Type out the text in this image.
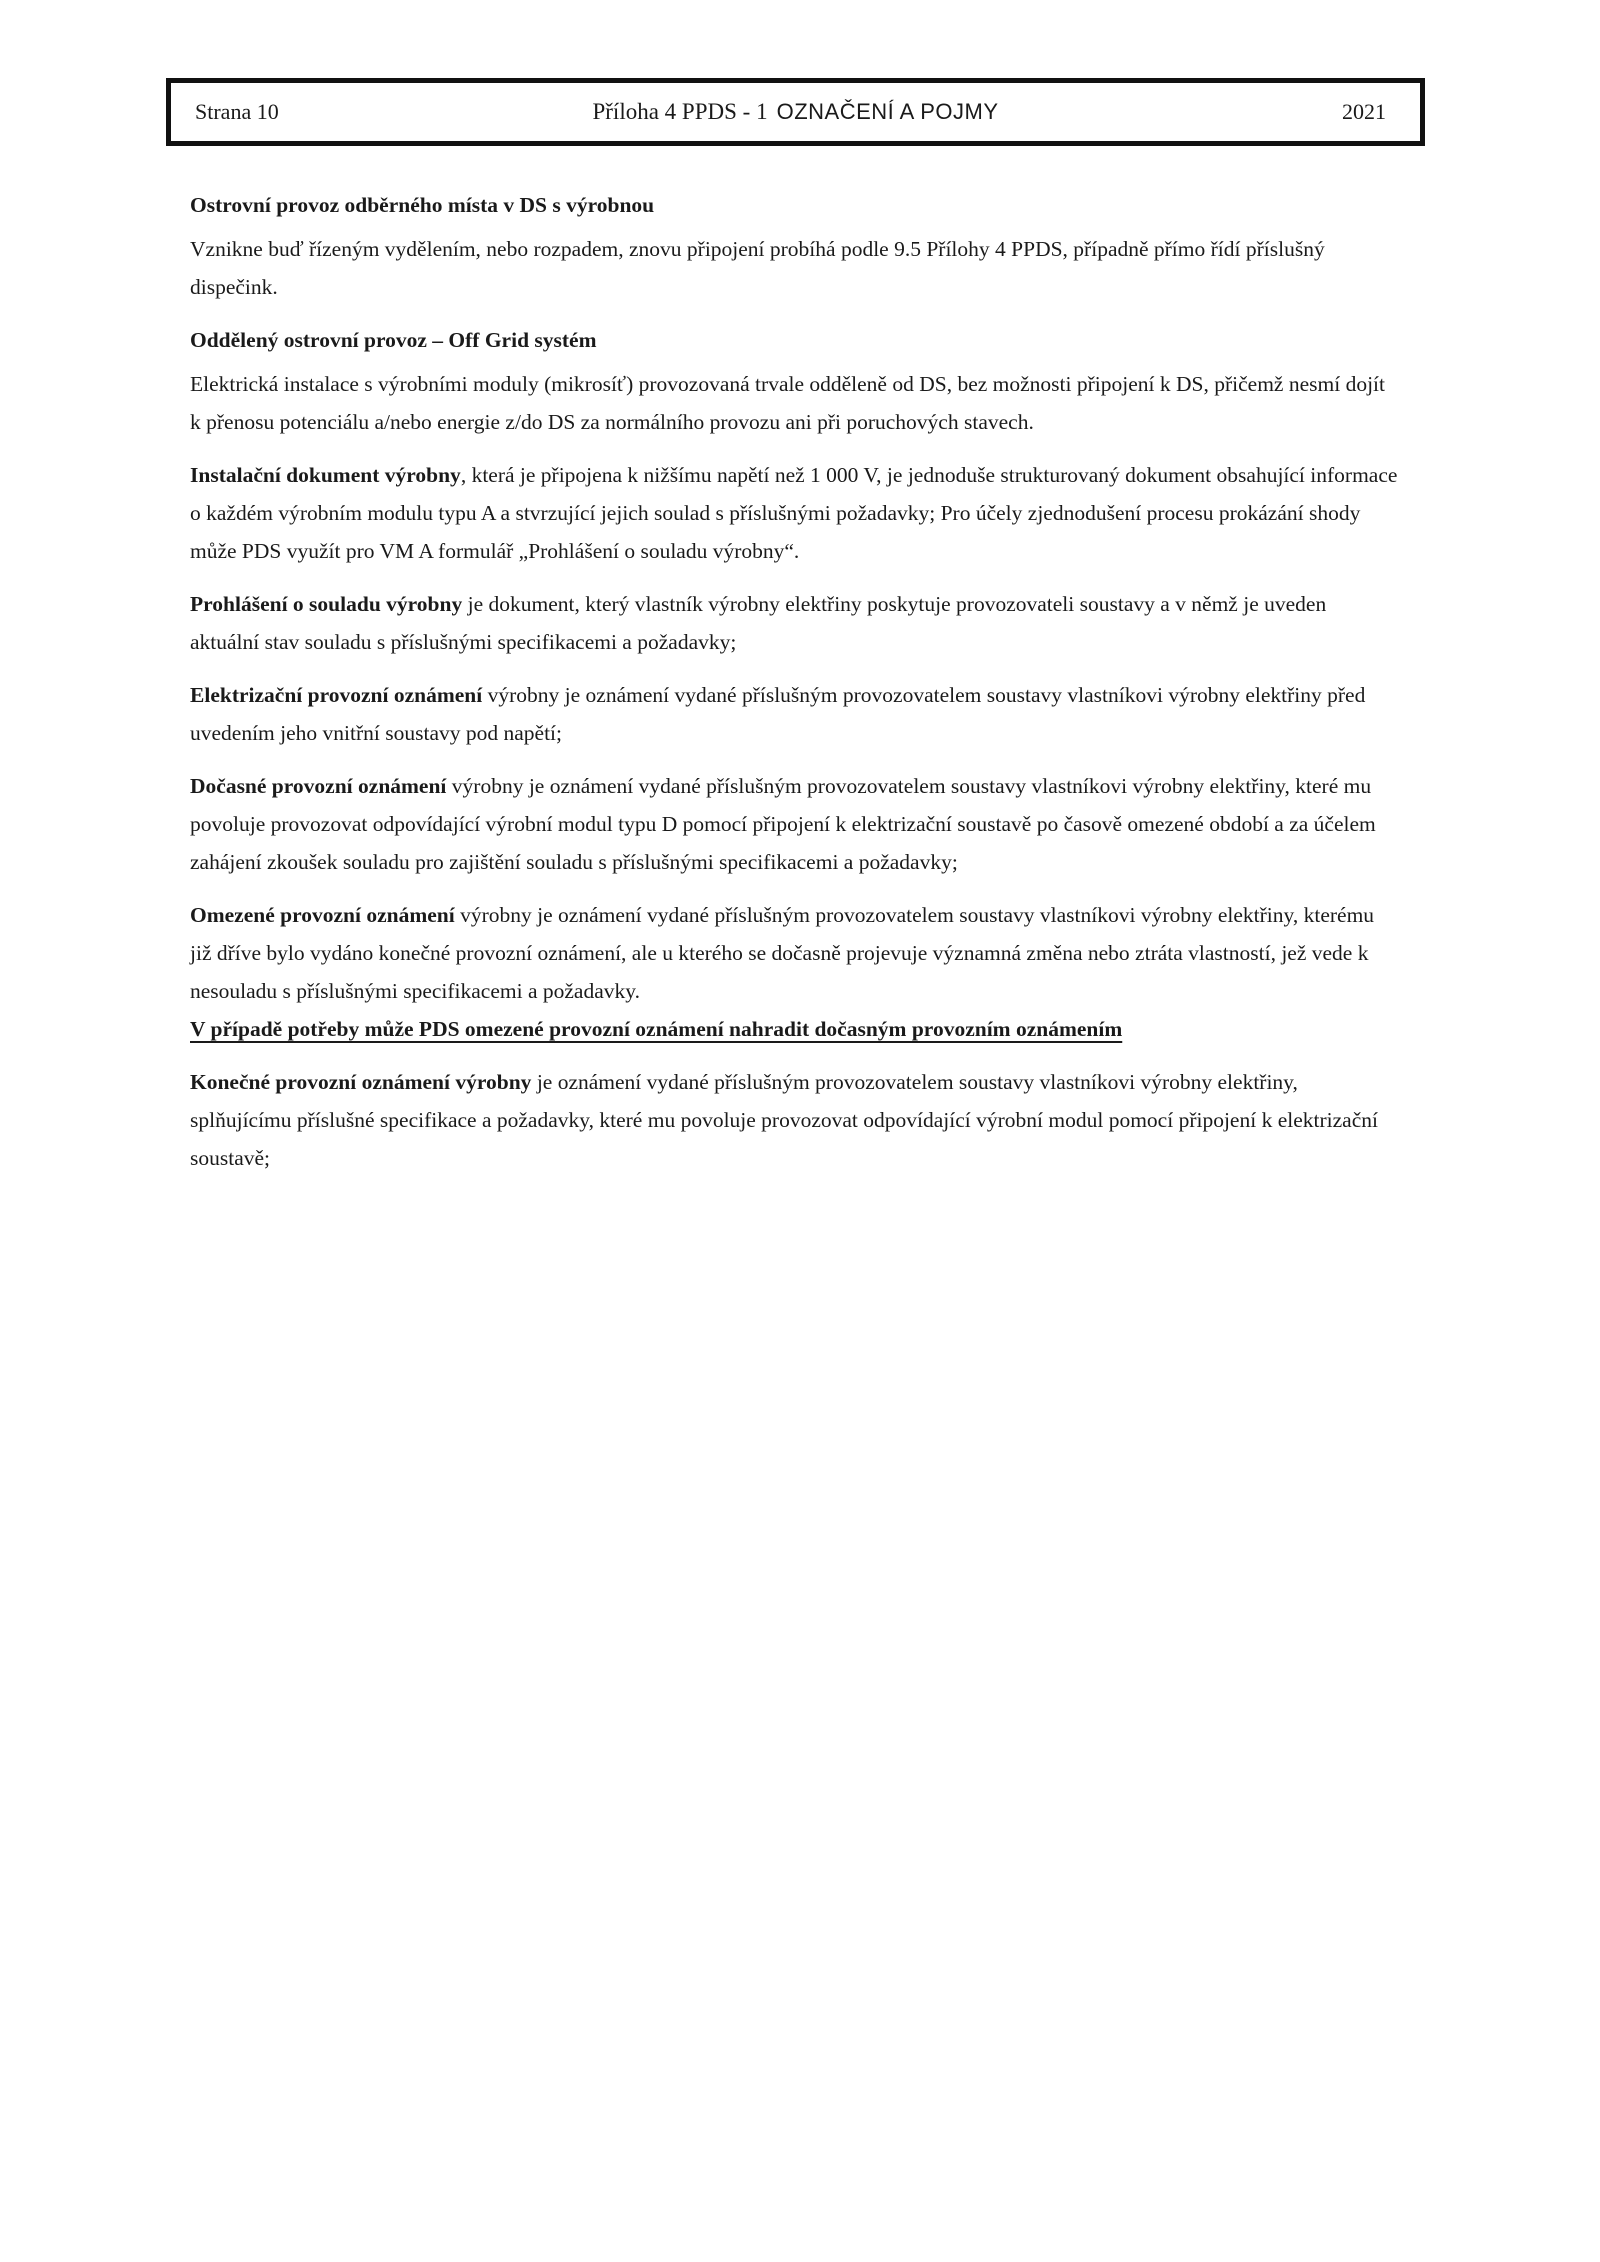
Strana 10	Příloha 4 PPDS - 1 OZNAČENÍ A POJMY	2021

Ostrovní provoz odběrného místa v DS s výrobnou

Vznikne buď řízeným vydělením, nebo rozpadem, znovu připojení probíhá podle 9.5 Přílohy 4 PPDS, případně přímo řídí příslušný dispečink.

Oddělený ostrovní provoz – Off Grid systém

Elektrická instalace s výrobními moduly (mikrosíť) provozovaná trvale odděleně od DS, bez možnosti připojení k DS, přičemž nesmí dojít k přenosu potenciálu a/nebo energie z/do DS za normálního provozu ani při poruchových stavech.

Instalační dokument výrobny, která je připojena k nižšímu napětí než 1 000 V, je jednoduše strukturovaný dokument obsahující informace o každém výrobním modulu typu A a stvrzující jejich soulad s příslušnými požadavky; Pro účely zjednodušení procesu prokázání shody může PDS využít pro VM A formulář „Prohlášení o souladu výrobny“.

Prohlášení o souladu výrobny je dokument, který vlastník výrobny elektřiny poskytuje provozovateli soustavy a v němž je uveden aktuální stav souladu s příslušnými specifikacemi a požadavky;

Elektrizační provozní oznámení výrobny je oznámení vydané příslušným provozovatelem soustavy vlastníkovi výrobny elektřiny před uvedením jeho vnitřní soustavy pod napětí;

Dočasné provozní oznámení výrobny je oznámení vydané příslušným provozovatelem soustavy vlastníkovi výrobny elektřiny, které mu povoluje provozovat odpovídající výrobní modul typu D pomocí připojení k elektrizační soustavě po časově omezené období a za účelem zahájení zkoušek souladu pro zajištění souladu s příslušnými specifikacemi a požadavky;

Omezené provozní oznámení výrobny je oznámení vydané příslušným provozovatelem soustavy vlastníkovi výrobny elektřiny, kterému již dříve bylo vydáno konečné provozní oznámení, ale u kterého se dočasně projevuje významná změna nebo ztráta vlastností, jež vede k nesouladu s příslušnými specifikacemi a požadavky.

V případě potřeby může PDS omezené provozní oznámení nahradit dočasným provozním oznámením

Konečné provozní oznámení výrobny je oznámení vydané příslušným provozovatelem soustavy vlastníkovi výrobny elektřiny, splňujícímu příslušné specifikace a požadavky, které mu povoluje provozovat odpovídající výrobní modul pomocí připojení k elektrizační soustavě;
